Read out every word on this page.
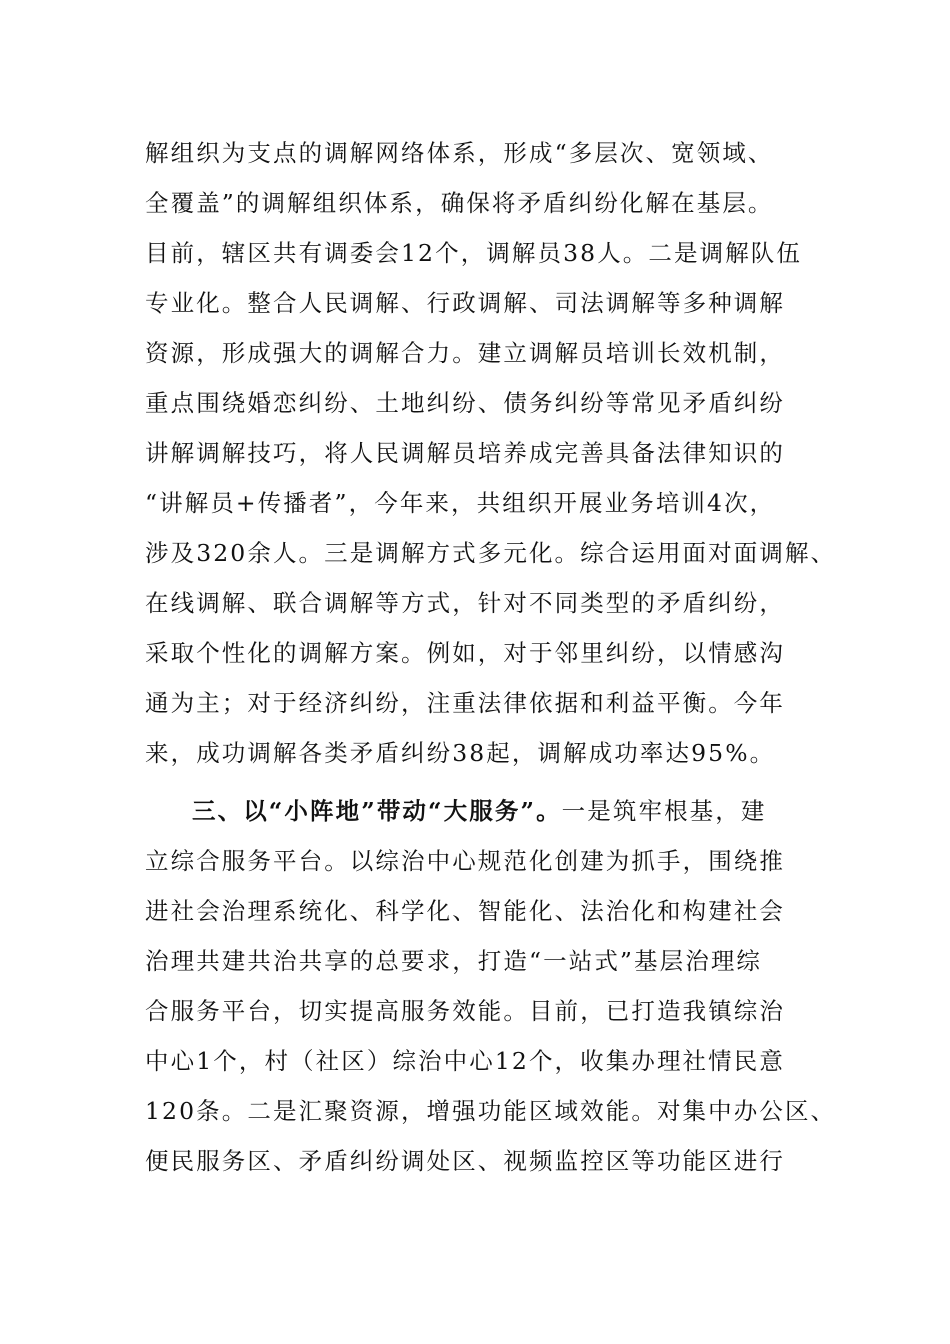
解组织为支点的调解网络体系，形成“多层次、宽领域、
全覆盖”的调解组织体系，确保将矛盾纠纷化解在基层。
目前，辖区共有调委会12个，调解员38人。二是调解队伍
专业化。整合人民调解、行政调解、司法调解等多种调解
资源，形成强大的调解合力。建立调解员培训长效机制，
重点围绕婚恋纠纷、土地纠纷、债务纠纷等常见矛盾纠纷
讲解调解技巧，将人民调解员培养成完善具备法律知识的
“讲解员+传播者”，今年来，共组织开展业务培训4次，
涉及320余人。三是调解方式多元化。综合运用面对面调解、
在线调解、联合调解等方式，针对不同类型的矛盾纠纷，
采取个性化的调解方案。例如，对于邻里纠纷，以情感沟
通为主；对于经济纠纷，注重法律依据和利益平衡。今年
来，成功调解各类矛盾纠纷38起，调解成功率达95%。
三、以“小阵地”带动“大服务”。一是筑牢根基，建
立综合服务平台。以综治中心规范化创建为抓手，围绕推
进社会治理系统化、科学化、智能化、法治化和构建社会
治理共建共治共享的总要求，打造“一站式”基层治理综
合服务平台，切实提高服务效能。目前，已打造我镇综治
中心1个，村（社区）综治中心12个，收集办理社情民意
120条。二是汇聚资源，增强功能区域效能。对集中办公区、
便民服务区、矛盾纠纷调处区、视频监控区等功能区进行
